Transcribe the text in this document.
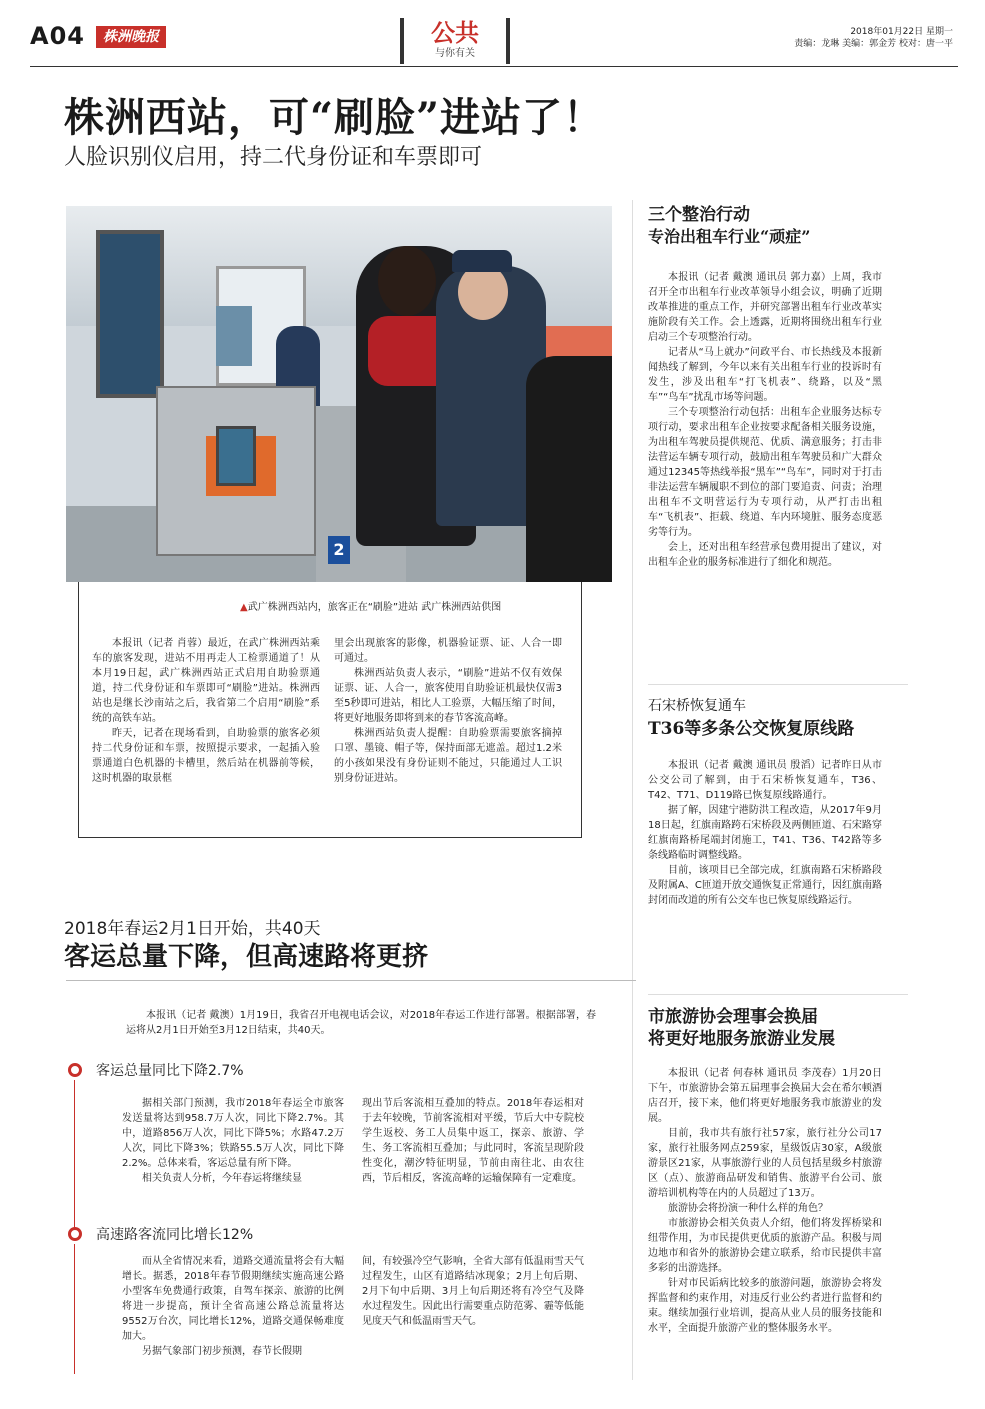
A04	株洲晚报	公共
与你有关
2018年01月22日 星期一
责编：龙琳 美编：郭金芳 校对：唐一平
株洲西站，可“刷脸”进站了！
人脸识别仪启用，持二代身份证和车票即可
2
▲武广株洲西站内，旅客正在“刷脸”进站 武广株洲西站供图

本报讯（记者 肖蓉）最近，在武广株洲西站乘车的旅客发现，进站不用再走人工检票通道了！从本月19日起，武广株洲西站正式启用自助验票通道，持二代身份证和车票即可“刷脸”进站。株洲西站也是继长沙南站之后，我省第二个启用“刷脸”系统的高铁车站。

昨天，记者在现场看到，自助验票的旅客必须持二代身份证和车票，按照提示要求，一起插入验票通道白色机器的卡槽里，然后站在机器前等候，这时机器的取景框

里会出现旅客的影像，机器验证票、证、人合一即可通过。

株洲西站负责人表示，“刷脸”进站不仅有效保证票、证、人合一，旅客使用自助验证机最快仅需3至5秒即可进站，相比人工验票，大幅压缩了时间，将更好地服务即将到来的春节客流高峰。

株洲西站负责人提醒：自助验票需要旅客摘掉口罩、墨镜、帽子等，保持面部无遮盖。超过1.2米的小孩如果没有身份证则不能过，只能通过人工识别身份证进站。

三个整治行动
专治出租车行业“顽症”

本报讯（记者 戴澳 通讯员 郭力嘉）上周，我市召开全市出租车行业改革领导小组会议，明确了近期改革推进的重点工作，并研究部署出租车行业改革实施阶段有关工作。会上透露，近期将围绕出租车行业启动三个专项整治行动。

记者从“马上就办”问政平台、市长热线及本报新闻热线了解到，今年以来有关出租车行业的投诉时有发生，涉及出租车“打飞机表”、绕路，以及“黑车”“鸟车”扰乱市场等问题。

三个专项整治行动包括：出租车企业服务达标专项行动，要求出租车企业按要求配备相关服务设施，为出租车驾驶员提供规范、优质、满意服务；打击非法营运车辆专项行动，鼓励出租车驾驶员和广大群众通过12345等热线举报“黑车”“鸟车”，同时对于打击非法运营车辆履职不到位的部门要追责、问责；治理出租车不文明营运行为专项行动，从严打击出租车“飞机表”、拒载、绕道、车内环境脏、服务态度恶劣等行为。

会上，还对出租车经营承包费用提出了建议，对出租车企业的服务标准进行了细化和规范。

石宋桥恢复通车
T36等多条公交恢复原线路

本报讯（记者 戴澳 通讯员 殷滔）记者昨日从市公交公司了解到，由于石宋桥恢复通车，T36、T42、T71、D119路已恢复原线路通行。

据了解，因建宁港防洪工程改造，从2017年9月18日起，红旗南路跨石宋桥段及两侧匝道、石宋路穿红旗南路桥尾端封闭施工，T41、T36、T42路等多条线路临时调整线路。

目前，该项目已全部完成，红旗南路石宋桥路段及附属A、C匝道开放交通恢复正常通行，因红旗南路封闭而改道的所有公交车也已恢复原线路运行。

市旅游协会理事会换届
将更好地服务旅游业发展

本报讯（记者 何春林 通讯员 李茂春）1月20日下午，市旅游协会第五届理事会换届大会在希尔顿酒店召开，接下来，他们将更好地服务我市旅游业的发展。

目前，我市共有旅行社57家，旅行社分公司17家，旅行社服务网点259家，星级饭店30家，A级旅游景区21家，从事旅游行业的人员包括星级乡村旅游区（点）、旅游商品研发和销售、旅游平台公司、旅游培训机构等在内的人员超过了13万。

旅游协会将扮演一种什么样的角色？

市旅游协会相关负责人介绍，他们将发挥桥梁和纽带作用，为市民提供更优质的旅游产品。积极与周边地市和省外的旅游协会建立联系，给市民提供丰富多彩的出游选择。

针对市民诟病比较多的旅游问题，旅游协会将发挥监督和约束作用，对违反行业公约者进行监督和约束。继续加强行业培训，提高从业人员的服务技能和水平，全面提升旅游产业的整体服务水平。

2018年春运2月1日开始，共40天
客运总量下降，但高速路将更挤
本报讯（记者 戴澳）1月19日，我省召开电视电话会议，对2018年春运工作进行部署。根据部署，春运将从2月1日开始至3月12日结束，共40天。
客运总量同比下降2.7%

据相关部门预测，我市2018年春运全市旅客发送量将达到958.7万人次，同比下降2.7%。其中，道路856万人次，同比下降5%；水路47.2万人次，同比下降3%；铁路55.5万人次，同比下降2.2%。总体来看，客运总量有所下降。

相关负责人分析，今年春运将继续显

现出节后客流相互叠加的特点。2018年春运相对于去年较晚，节前客流相对平缓，节后大中专院校学生返校、务工人员集中返工，探亲、旅游、学生、务工客流相互叠加；与此同时，客流呈现阶段性变化，潮汐特征明显，节前由南往北、由农往西，节后相反，客流高峰的运输保障有一定难度。

高速路客流同比增长12%

而从全省情况来看，道路交通流量将会有大幅增长。据悉，2018年春节假期继续实施高速公路小型客车免费通行政策，自驾车探亲、旅游的比例将进一步提高，预计全省高速公路总流量将达9552万台次，同比增长12%，道路交通保畅难度加大。

另据气象部门初步预测，春节长假期

间，有较强冷空气影响，全省大部有低温雨雪天气过程发生，山区有道路结冰现象；2月上旬后期、2月下旬中后期、3月上旬后期还将有冷空气及降水过程发生。因此出行需要重点防范雾、霾等低能见度天气和低温雨雪天气。
